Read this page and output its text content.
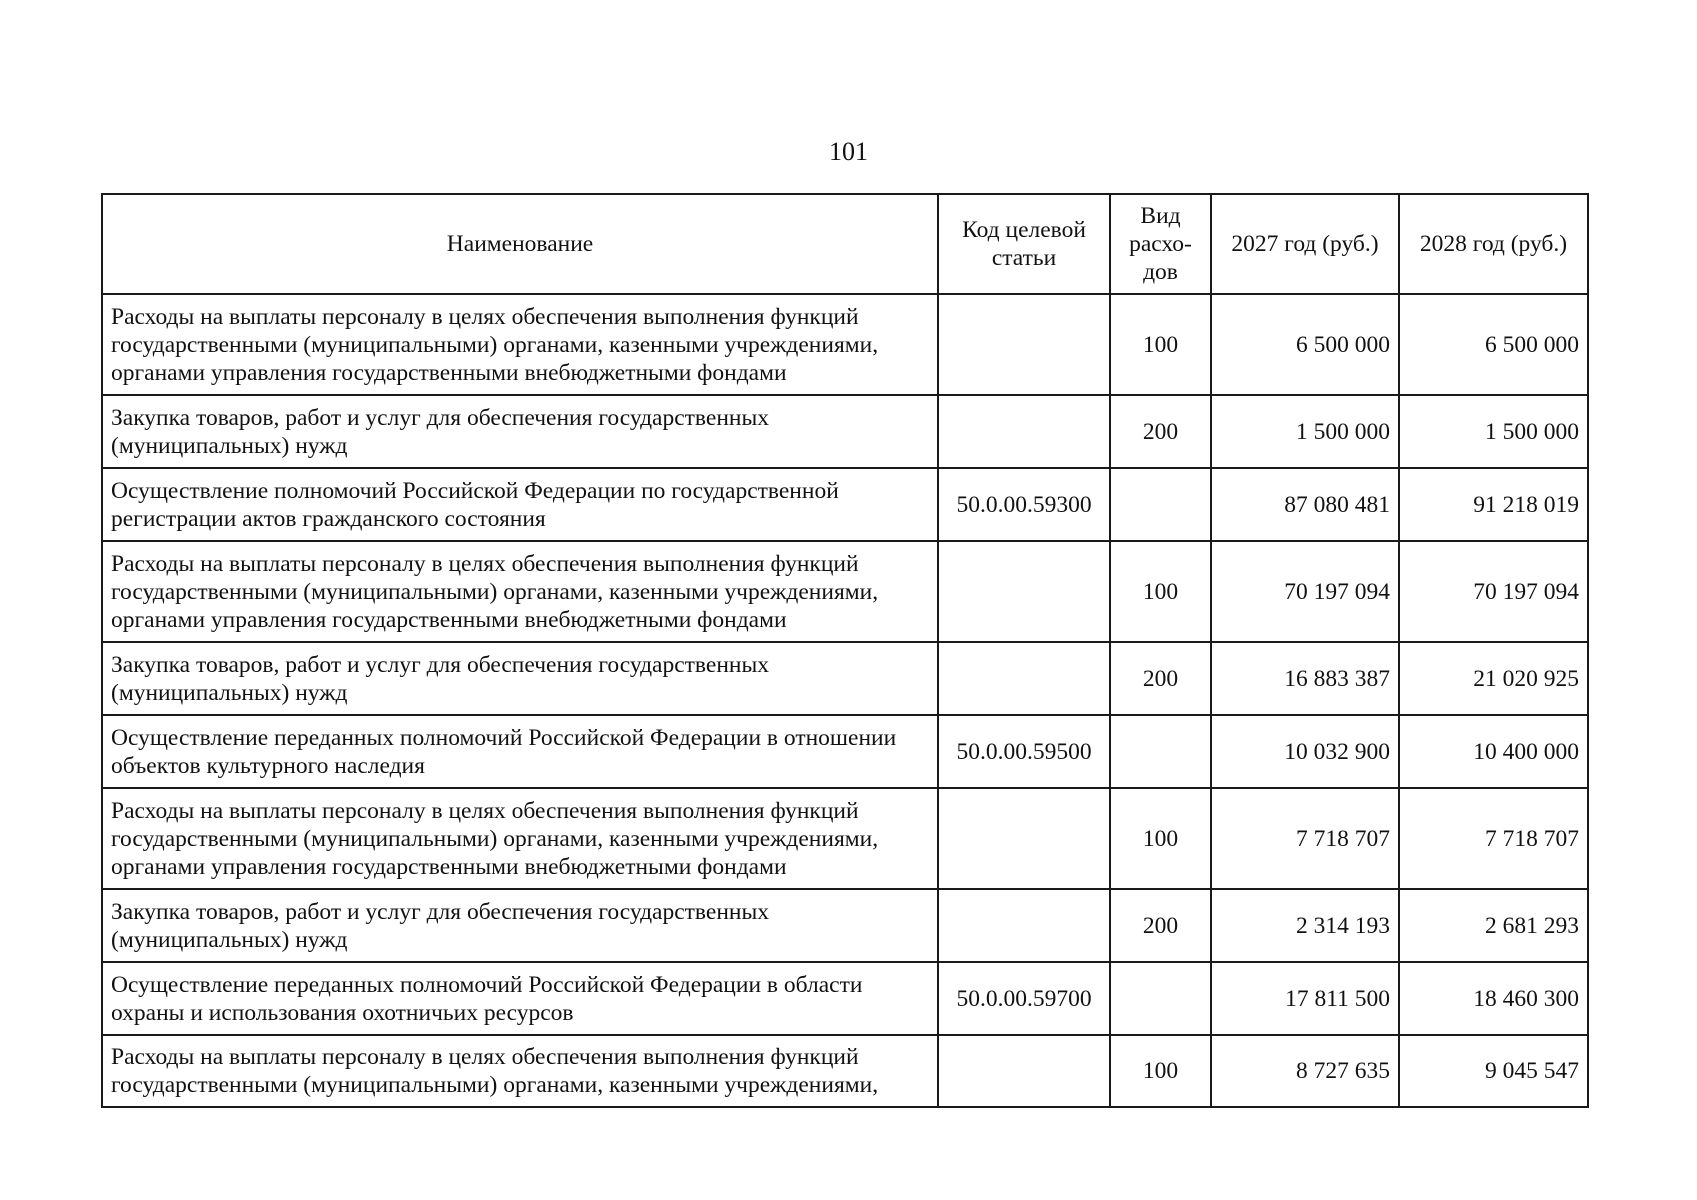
101
Наименование	Код целевой статьи	Вид расхо-дов	2027 год (руб.)	2028 год (руб.)
Расходы на выплаты персоналу в целях обеспечения выполнения функций государственными (муниципальными) органами, казенными учреждениями, органами управления государственными внебюджетными фондами		100	6 500 000	6 500 000
Закупка товаров, работ и услуг для обеспечения государственных (муниципальных) нужд		200	1 500 000	1 500 000
Осуществление полномочий Российской Федерации по государственной регистрации актов гражданского состояния	50.0.00.59300		87 080 481	91 218 019
Расходы на выплаты персоналу в целях обеспечения выполнения функций государственными (муниципальными) органами, казенными учреждениями, органами управления государственными внебюджетными фондами		100	70 197 094	70 197 094
Закупка товаров, работ и услуг для обеспечения государственных (муниципальных) нужд		200	16 883 387	21 020 925
Осуществление переданных полномочий Российской Федерации в отношении объектов культурного наследия	50.0.00.59500		10 032 900	10 400 000
Расходы на выплаты персоналу в целях обеспечения выполнения функций государственными (муниципальными) органами, казенными учреждениями, органами управления государственными внебюджетными фондами		100	7 718 707	7 718 707
Закупка товаров, работ и услуг для обеспечения государственных (муниципальных) нужд		200	2 314 193	2 681 293
Осуществление переданных полномочий Российской Федерации в области охраны и использования охотничьих ресурсов	50.0.00.59700		17 811 500	18 460 300
Расходы на выплаты персоналу в целях обеспечения выполнения функций государственными (муниципальными) органами, казенными учреждениями,		100	8 727 635	9 045 547
